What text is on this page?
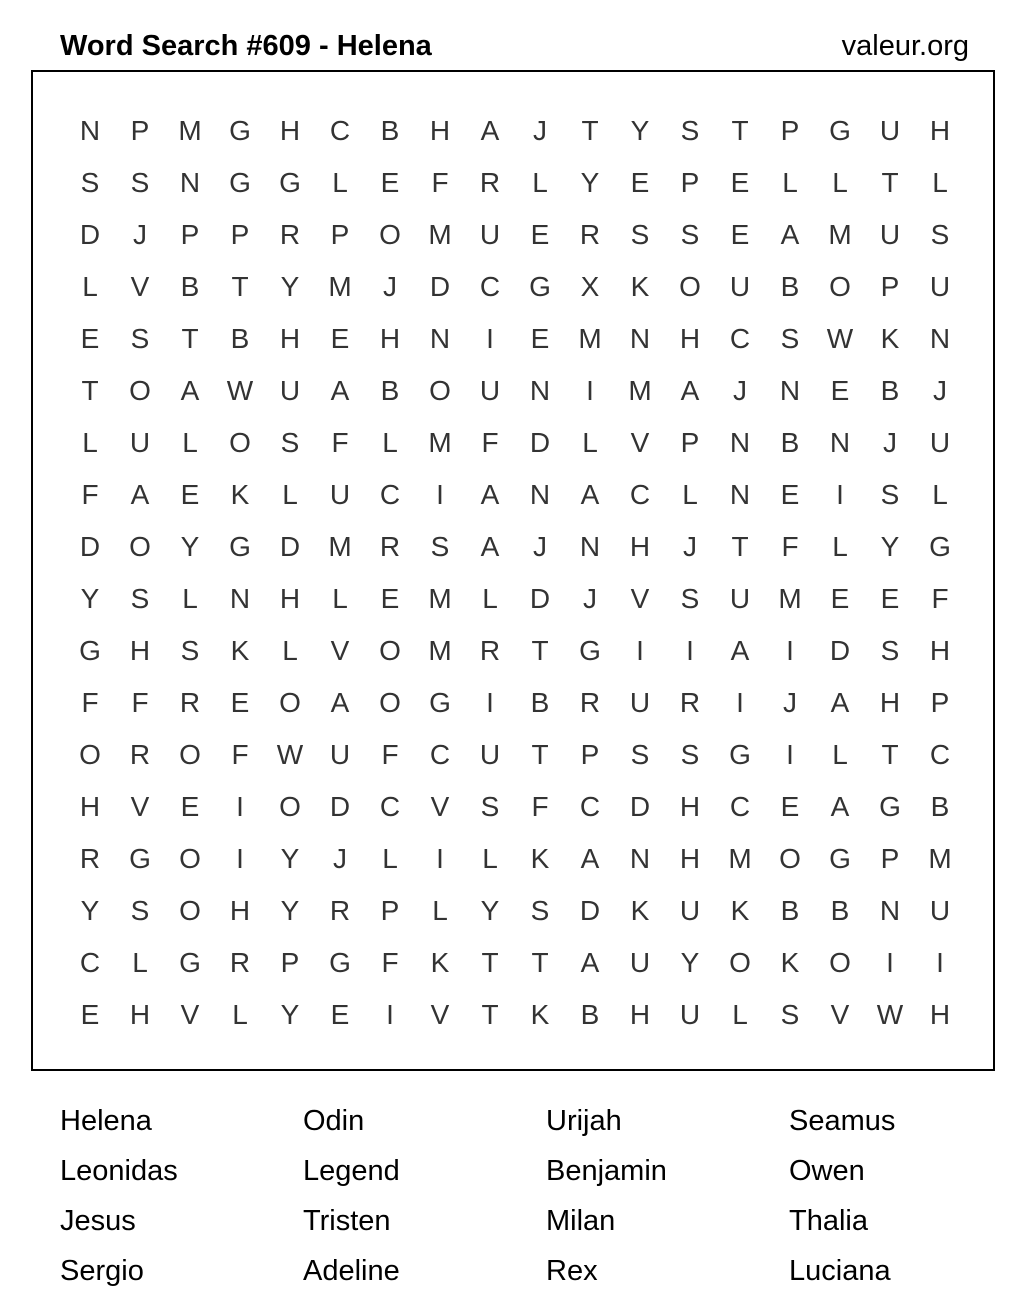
Word Search #609 - Helena	valeur.org
N	P	M G	H	C	B	H	A	J	T	Y	S	T	P	G	U	H
S	S	N	G	G	L	E	F	R	L	Y	E	P	E	L	L	T	L
D	J	P	P	R	P	O M	U	E	R	S	S	E	A	M	U	S
L	V	B	T	Y	M	J	D	C	G	X	K	O	U	B	O	P	U
E	S	T	B	H	E	H	N	I	E	M	N	H	C	S W K	N
T	O	A W U	A	B	O	U	N	I	M	A	J	N	E	B	J
L	U	L	O	S	F	L	M	F	D	L	V	P	N	B	N	J	U
F	A	E	K	L	U	C	I	A	N	A	C	L	N	E	I	S	L
D	O	Y	G	D	M	R	S	A	J	N	H	J	T	F	L	Y	G
Y	S	L	N	H	L	E	M	L	D	J	V	S	U	M	E	E	F
G	H	S	K	L	V	O M	R	T	G	I	I	A	I	D	S	H
F	F	R	E	O	A	O	G	I	B	R	U	R	I	J	A	H	P
O	R	O	F	W U	F	C	U	T	P	S	S	G	I	L	T	C
H	V	E	I	O	D	C	V	S	F	C	D	H	C	E	A	G	B
R	G	O	I	Y	J	L	I	L	K	A	N	H	M O	G	P	M
Y	S	O	H	Y	R	P	L	Y	S	D	K	U	K	B	B	N	U
C	L	G	R	P	G	F	K	T	T	A	U	Y	O	K	O	I	I
E	H	V	L	Y	E	I	V	T	K	B	H	U	L	S	V W H
Helena	Odin	Urijah	Seamus
Leonidas	Legend	Benjamin	Owen
Jesus	Tristen	Milan	Thalia
Sergio	Adeline	Rex	Luciana
